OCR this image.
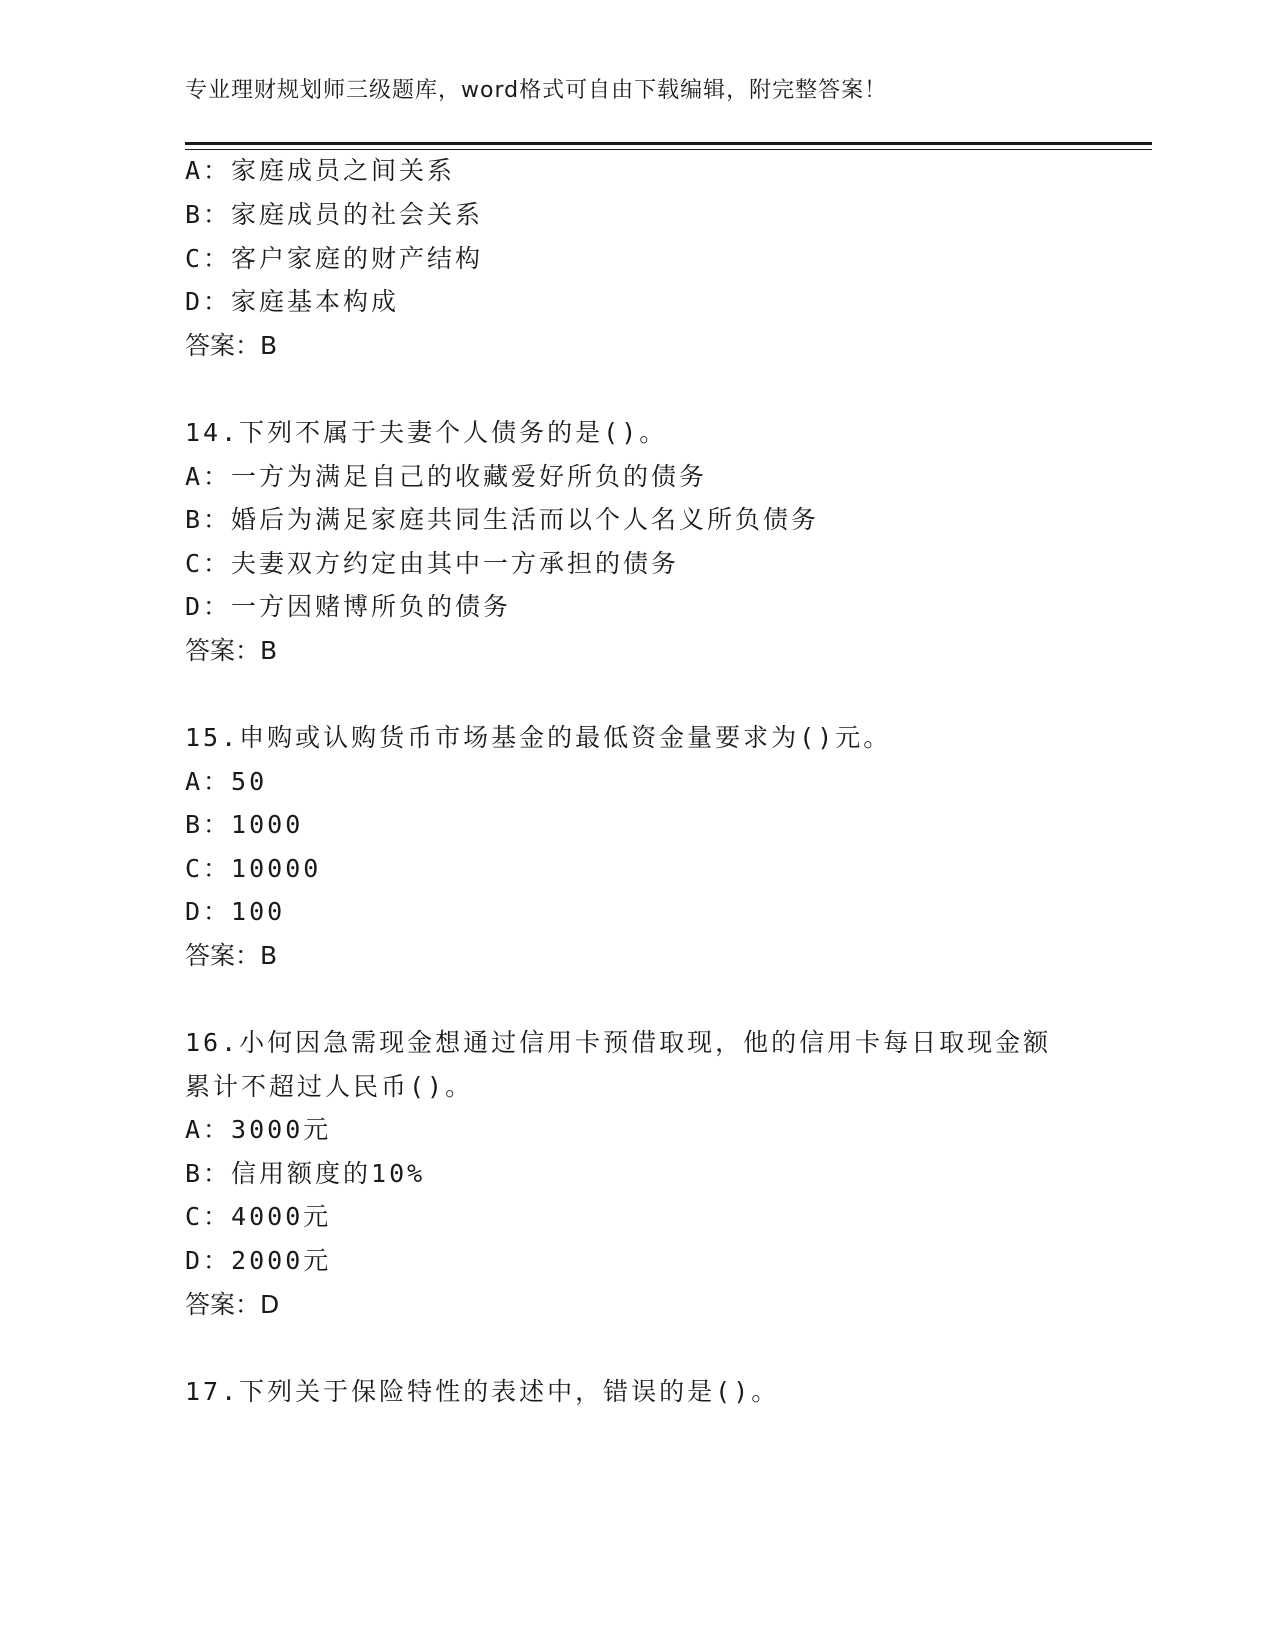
专业理财规划师三级题库，word格式可自由下载编辑，附完整答案！
A：家庭成员之间关系
B：家庭成员的社会关系
C：客户家庭的财产结构
D：家庭基本构成
答案：B
14.下列不属于夫妻个人债务的是()。
A：一方为满足自己的收藏爱好所负的债务
B：婚后为满足家庭共同生活而以个人名义所负债务
C：夫妻双方约定由其中一方承担的债务
D：一方因赌博所负的债务
答案：B
15.申购或认购货币市场基金的最低资金量要求为()元。
A：50
B：1000
C：10000
D：100
答案：B
16.小何因急需现金想通过信用卡预借取现，他的信用卡每日取现金额
累计不超过人民币()。
A：3000元
B：信用额度的10%
C：4000元
D：2000元
答案：D
17.下列关于保险特性的表述中，错误的是()。
